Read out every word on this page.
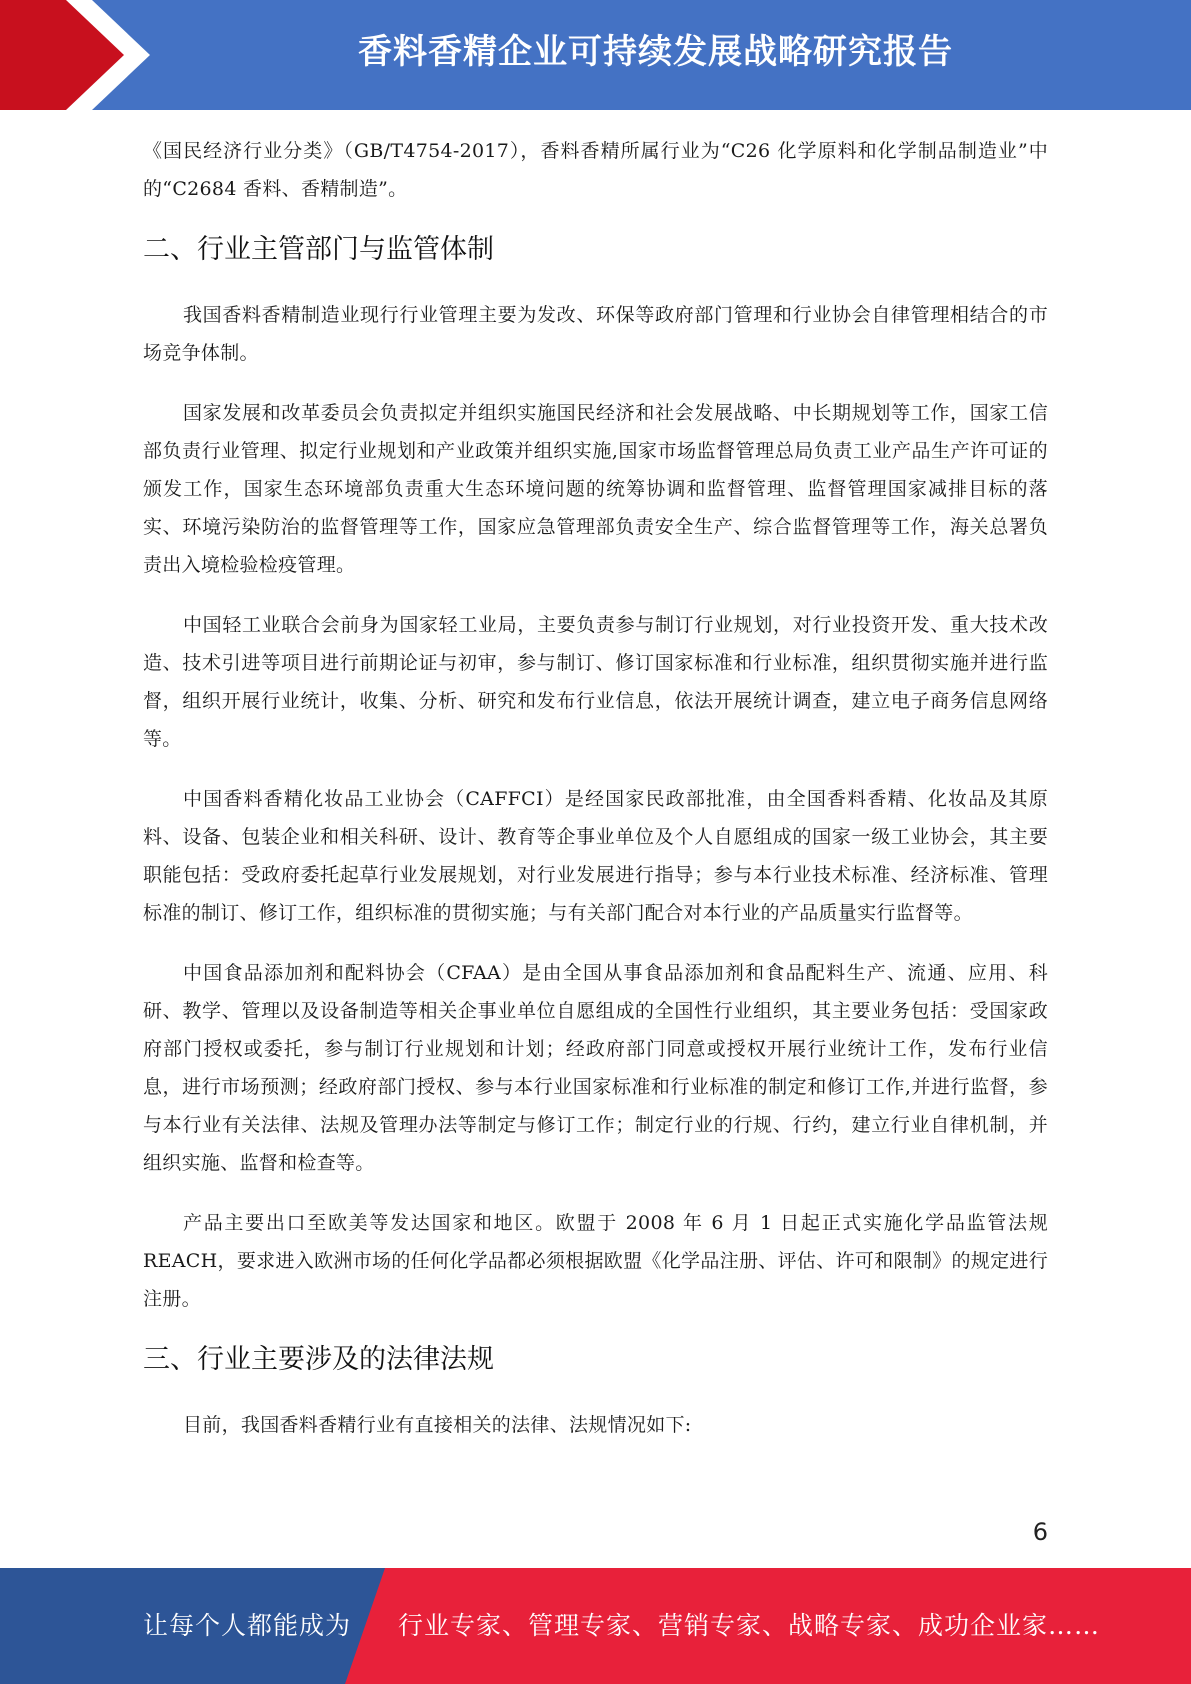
香料香精企业可持续发展战略研究报告

《国民经济行业分类》（GB/T4754-2017），香料香精所属行业为“C26 化学原料和化学制品制造业”中的“C2684 香料、香精制造”。

二、行业主管部门与监管体制

我国香料香精制造业现行行业管理主要为发改、环保等政府部门管理和行业协会自律管理相结合的市场竞争体制。

国家发展和改革委员会负责拟定并组织实施国民经济和社会发展战略、中长期规划等工作，国家工信部负责行业管理、拟定行业规划和产业政策并组织实施,国家市场监督管理总局负责工业产品生产许可证的颁发工作，国家生态环境部负责重大生态环境问题的统筹协调和监督管理、监督管理国家减排目标的落实、环境污染防治的监督管理等工作，国家应急管理部负责安全生产、综合监督管理等工作，海关总署负责出入境检验检疫管理。

中国轻工业联合会前身为国家轻工业局，主要负责参与制订行业规划，对行业投资开发、重大技术改造、技术引进等项目进行前期论证与初审，参与制订、修订国家标准和行业标准，组织贯彻实施并进行监督，组织开展行业统计，收集、分析、研究和发布行业信息，依法开展统计调查，建立电子商务信息网络等。

中国香料香精化妆品工业协会（CAFFCI）是经国家民政部批准，由全国香料香精、化妆品及其原料、设备、包装企业和相关科研、设计、教育等企事业单位及个人自愿组成的国家一级工业协会，其主要职能包括：受政府委托起草行业发展规划，对行业发展进行指导；参与本行业技术标准、经济标准、管理标准的制订、修订工作，组织标准的贯彻实施；与有关部门配合对本行业的产品质量实行监督等。

中国食品添加剂和配料协会（CFAA）是由全国从事食品添加剂和食品配料生产、流通、应用、科研、教学、管理以及设备制造等相关企事业单位自愿组成的全国性行业组织，其主要业务包括：受国家政府部门授权或委托，参与制订行业规划和计划；经政府部门同意或授权开展行业统计工作，发布行业信息，进行市场预测；经政府部门授权、参与本行业国家标准和行业标准的制定和修订工作,并进行监督，参与本行业有关法律、法规及管理办法等制定与修订工作；制定行业的行规、行约，建立行业自律机制，并组织实施、监督和检查等。

产品主要出口至欧美等发达国家和地区。欧盟于 2008 年 6 月 1 日起正式实施化学品监管法规 REACH，要求进入欧洲市场的任何化学品都必须根据欧盟《化学品注册、评估、许可和限制》的规定进行注册。

三、行业主要涉及的法律法规

目前，我国香料香精行业有直接相关的法律、法规情况如下:

6
让每个人都能成为 行业专家、管理专家、营销专家、战略专家、成功企业家……
